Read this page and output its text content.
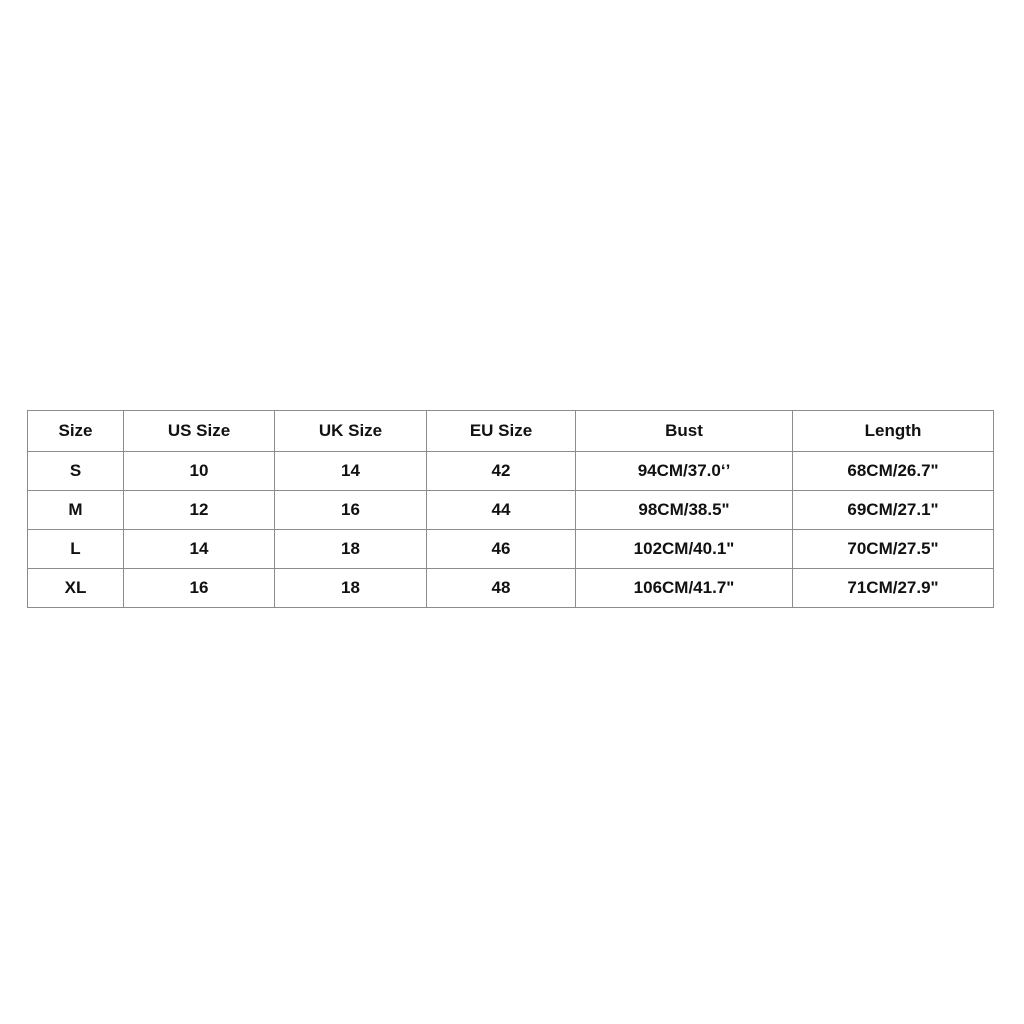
Size	US Size	UK Size	EU Size	Bust	Length
S	10	14	42	94CM/37.0‘’	68CM/26.7"
M	12	16	44	98CM/38.5"	69CM/27.1"
L	14	18	46	102CM/40.1"	70CM/27.5"
XL	16	18	48	106CM/41.7"	71CM/27.9"
